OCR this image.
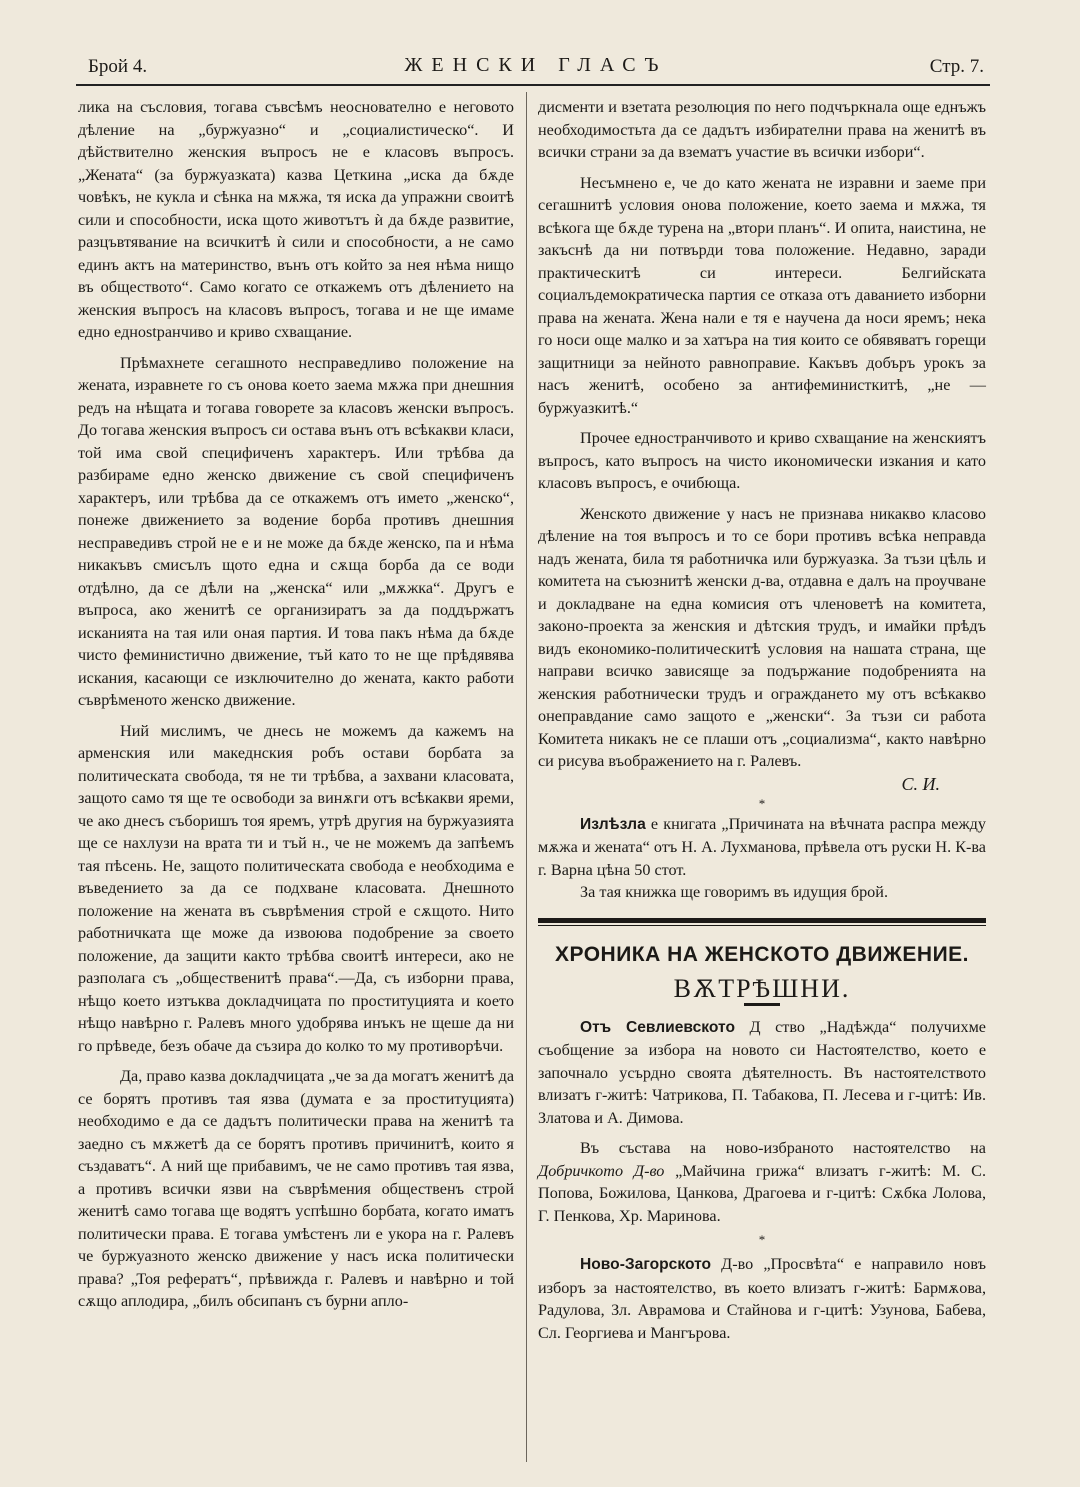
Брой 4.	ЖЕНСКИ ГЛАСЪ	Стр. 7.

лика на съсловия, тогава съвсѣмъ неоснователно е неговото дѣление на „буржуазно“ и „социалистическо“. И дѣйствително женския въпросъ не е класовъ въпросъ. „Жената“ (за буржуазката) казва Цеткина „иска да бѫде човѣкъ, не кукла и сѣнка на мѫжа, тя иска да упражни своитѣ сили и способности, иска щото животътъ ѝ да бѫде развитие, разцъвтявание на всичкитѣ ѝ сили и способности, а не само единъ актъ на материнство, вънъ отъ който за нея нѣма нищо въ обществото“. Само когато се откажемъ отъ дѣлението на женския въпросъ на класовъ въпросъ, тогава и не ще имаме едно еднostранчиво и криво схващание.

Прѣмахнете сегашното несправедливо положение на жената, изравнете го съ онова което заема мѫжа при днешния редъ на нѣщата и тогава говорете за класовъ женски въпросъ. До тогава женския въпросъ си остава вънъ отъ всѣкакви класи, той има свой специфиченъ характеръ. Или трѣбва да разбираме едно женско движение съ свой специфиченъ характеръ, или трѣбва да се откажемъ отъ името „женско“, понеже движението за водение борба противъ днешния несправедивъ строй не е и не може да бѫде женско, па и нѣма никакъвъ смисълъ щото една и сѫща борба да се води отдѣлно, да се дѣли на „женска“ или „мѫжка“. Другъ е въпроса, ако женитѣ се организиратъ за да поддържатъ исканията на тая или оная партия. И това пакъ нѣма да бѫде чисто феминистично движение, тъй като то не ще прѣдявява искания, касающи се изключително до жената, както работи съврѣменото женско движение.

Ний мислимъ, че днесь не можемъ да кажемъ на арменския или македнския робъ остави борбата за политическата свобода, тя не ти трѣбва, а захвани класовата, защото само тя ще те освободи за винѫги отъ всѣкакви яреми, че ако днесъ съборишъ тоя яремъ, утрѣ другия на буржуазията ще се нахлузи на врата ти и тъй н., че не можемъ да запѣемъ тая пѣсень. Не, защото политическата свобода е необходима е въведението за да се подхване класовата. Днешното положение на жената въ съврѣмения строй е сѫщото. Нито работничката ще може да извоюва подобрение за своето положение, да защити както трѣбва своитѣ интереси, ако не разполага съ „общественитѣ права“.—Да, съ изборни права, нѣщо което изтъква докладчицата по проституцията и което нѣщо навѣрно г. Ралевъ много удобрява инъкъ не щеше да ни го прѣведе, безъ обаче да съзира до колко то му противорѣчи.

Да, право казва докладчицата „че за да могатъ женитѣ да се борятъ противъ тая язва (думата е за проституцията) необходимо е да се дадътъ политически права на женитѣ та заедно съ мѫжетѣ да се борятъ противъ причинитѣ, които я създаватъ“. А ний ще прибавимъ, че не само противъ тая язва, а противъ всички язви на съврѣмения общественъ строй женитѣ само тогава ще водятъ успѣшно борбата, когато иматъ политически права. Е тогава умѣстенъ ли е укора на г. Ралевъ че буржуазното женско движение у насъ иска политически права? „Тоя рефератъ“, прѣвижда г. Ралевъ и навѣрно и той сѫщо аплодира, „билъ обсипанъ съ бурни апло-

дисменти и взетата резолюция по него подчъркнала още еднъжъ необходимостьта да се дадътъ избирателни права на женитѣ въ всички страни за да взематъ участие въ всички избори“.

Несъмнено е, че до като жената не изравни и заеме при сегашнитѣ условия онова положение, което заема и мѫжа, тя всѣкога ще бѫде турена на „втори планъ“. И опита, наистина, не закъснѣ да ни потвърди това положение. Недавно, заради практическитѣ си интереси. Белгийската социалъдемократическа партия се отказа отъ даванието изборни права на жената. Жена нали е тя е научена да носи яремъ; нека го носи още малко и за хатъра на тия които се обявяватъ горещи защитници за нейното равноправие. Какъвъ добъръ урокъ за насъ женитѣ, особено за антифеминисткитѣ, „не — буржуазкитѣ.“

Прочее едностранчивото и криво схващание на женскиятъ въпросъ, като въпросъ на чисто икономически изкания и като класовъ въпросъ, е очибюща.

Женското движение у насъ не признава никакво класово дѣление на тоя въпросъ и то се бори противъ всѣка неправда надъ жената, била тя работничка или буржуазка. За тъзи цѣль и комитета на съюзнитѣ женски д-ва, отдавна е далъ на проучване и докладване на една комисия отъ членоветѣ на комитета, законо-проекта за женския и дѣтския трудъ, и имайки прѣдъ видъ економико-политическитѣ условия на нашата страна, ще направи всичко зависяще за подържание подобренията на женския работнически трудъ и ограждането му отъ всѣкакво онеправдание само защото е „женски“. За тъзи си работа Комитета никакъ не се плаши отъ „социализма“, както навѣрно си рисува въображението на г. Ралевъ.

С. И.
*

Излѣзла е книгата „Причината на вѣчната распра между мѫжа и жената“ отъ Н. А. Лухманова, прѣвела отъ руски Н. К-ва г. Варна цѣна 50 стот.

За тая книжка ще говоримъ въ идущия брой.

ХРОНИКА НА ЖЕНСКОТО ДВИЖЕНИЕ.
ВѪТРѢШНИ.

Отъ Севлиевското Д ство „Надѣжда“ получихме съобщение за избора на новото си Настоятелство, което е започнало усърдно своята дѣятелность. Въ настоятелството влизатъ г-житѣ: Чатрикова, П. Табакова, П. Лесева и г-цитѣ: Ив. Златова и А. Димова.

Въ състава на ново-избраното настоятелство на Добричкото Д-во „Майчина грижа“ влизатъ г-житѣ: М. С. Попова, Божилова, Цанкова, Драгоева и г-цитѣ: Сѫбка Лолова, Г. Пенкова, Хр. Маринова.

*

Ново-Загорското Д-во „Просвѣта“ е направило новъ изборъ за настоятелство, въ което влизатъ г-житѣ: Бармѫова, Радулова, Зл. Аврамова и Стайнова и г-цитѣ: Узунова, Бабева, Сл. Георгиева и Мангърова.
